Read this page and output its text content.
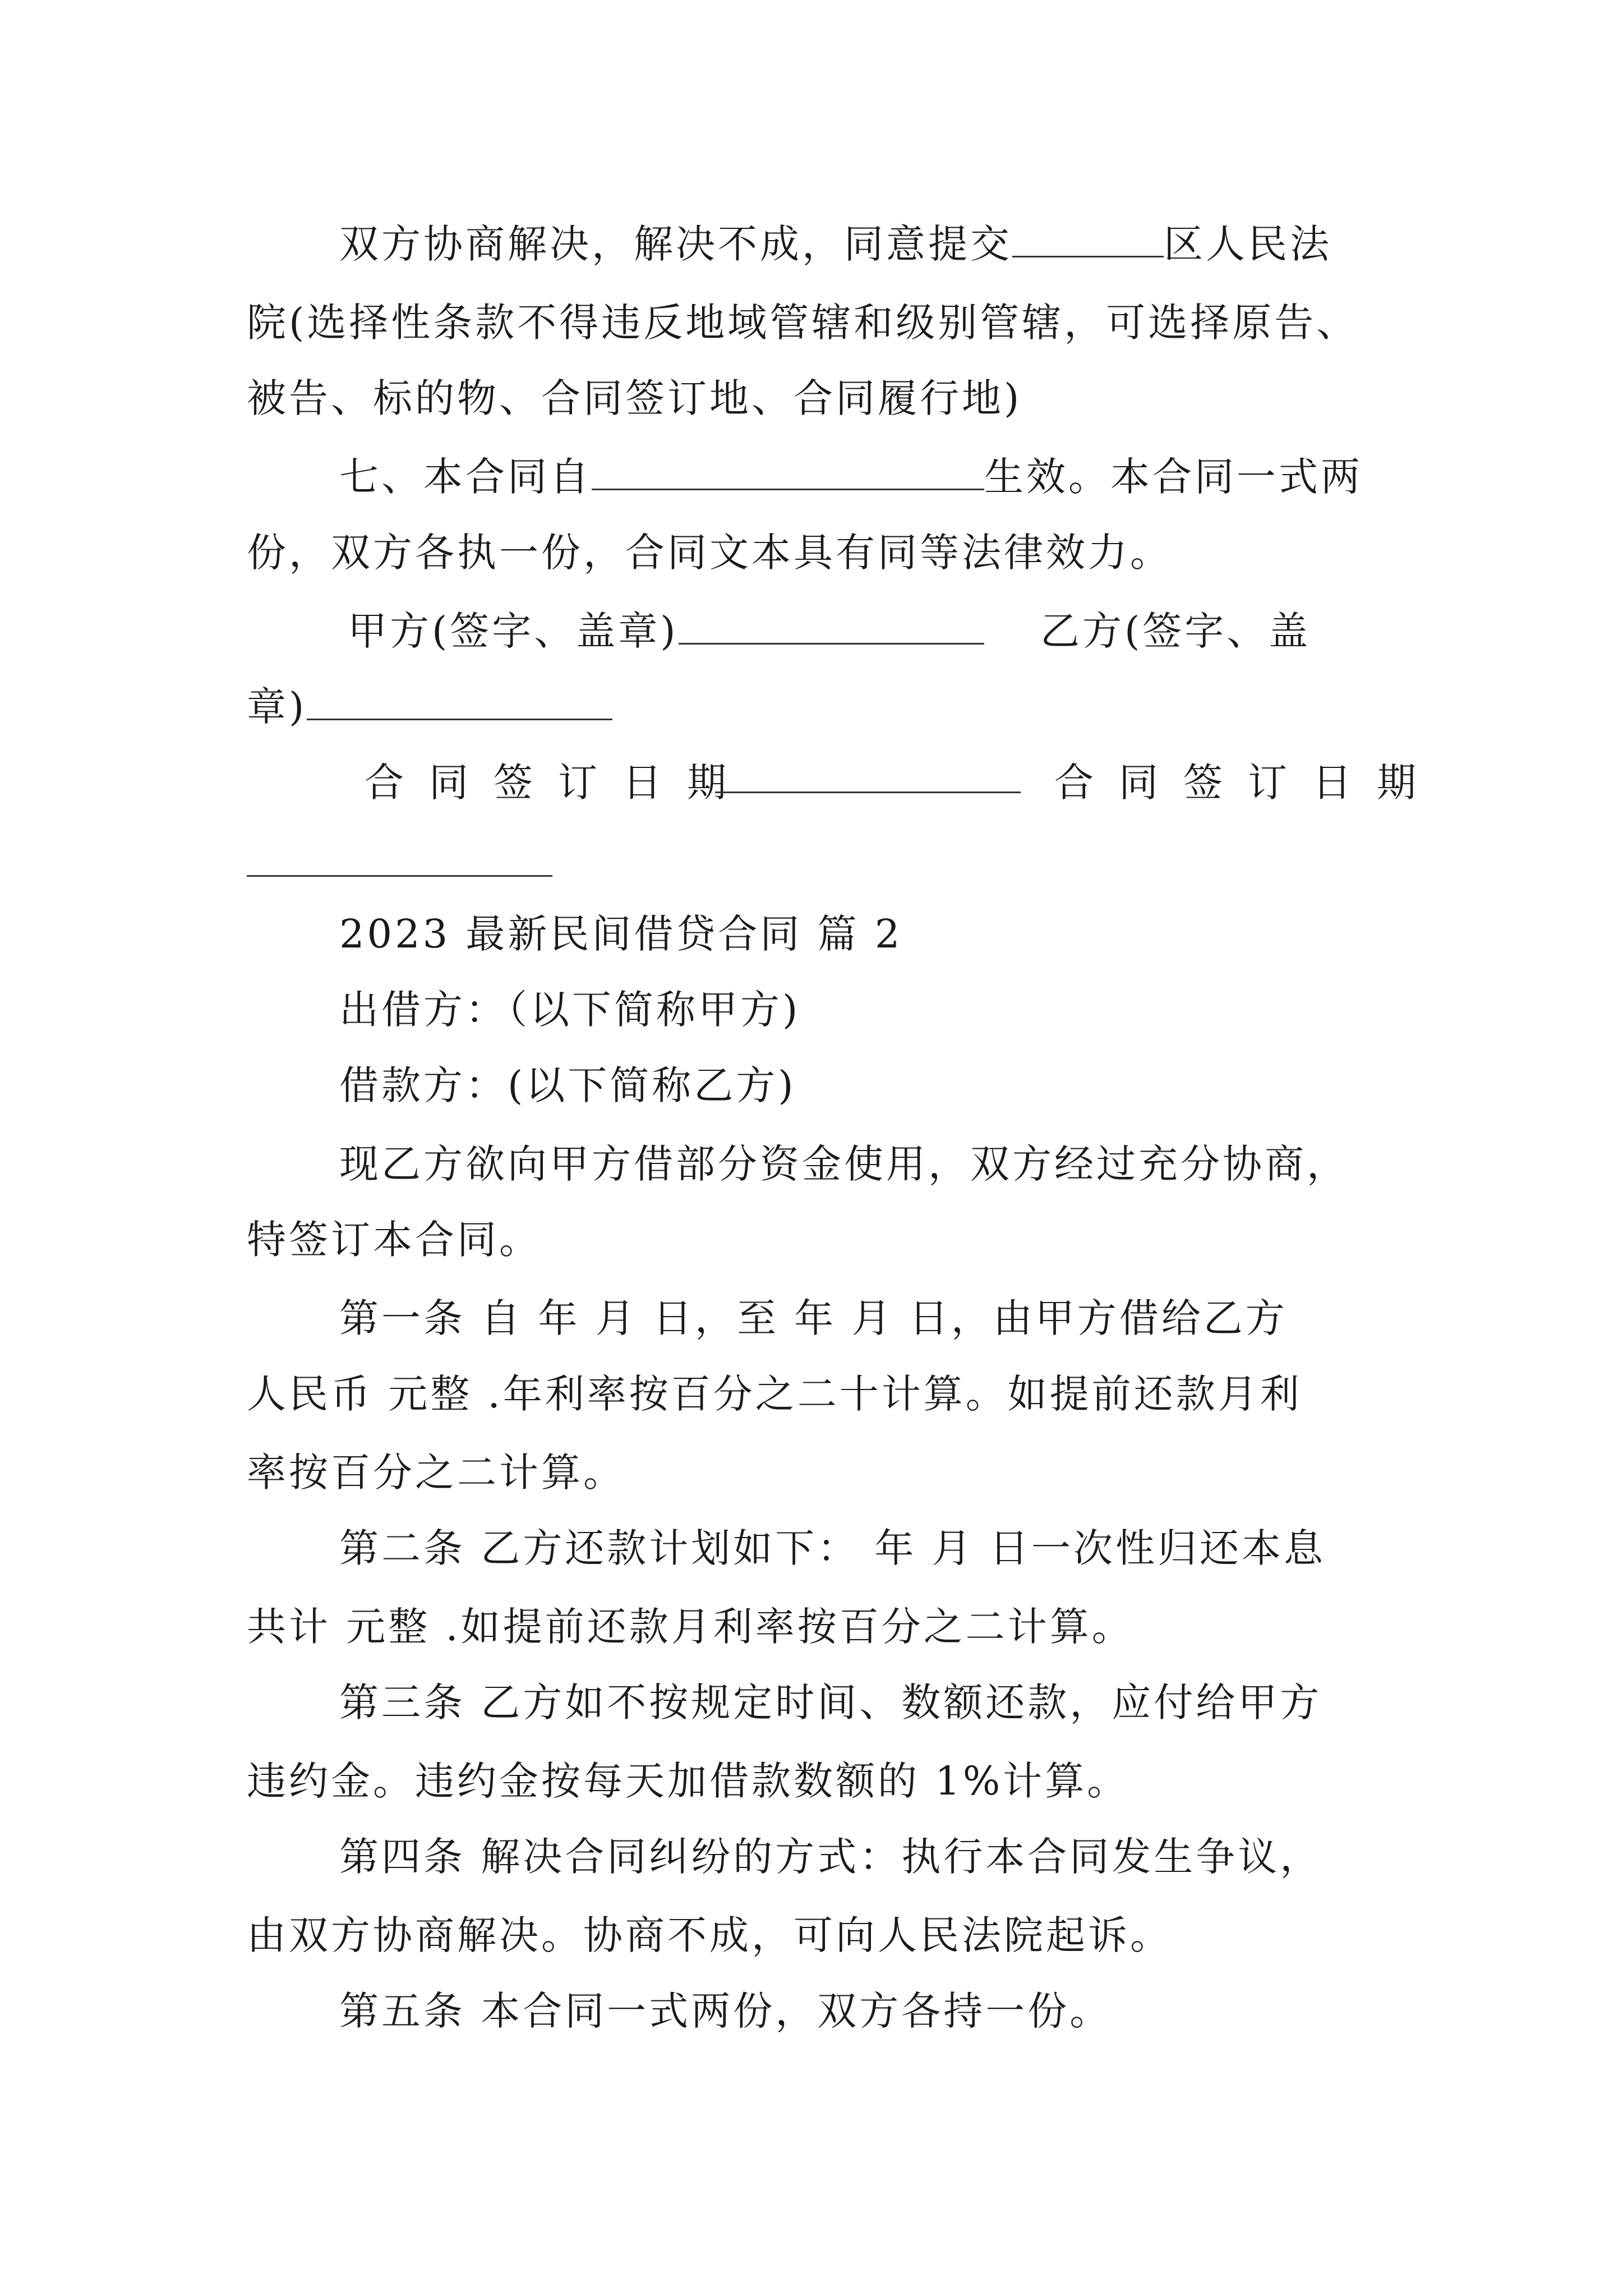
双方协商解决，解决不成，同意提交	区人民法
院(选择性条款不得违反地域管辖和级别管辖，可选择原告、
被告、标的物、合同签订地、合同履行地)
七、本合同自	生效。本合同一式两
份，双方各执一份，合同文本具有同等法律效力。
甲方(签字、盖章)	乙方(签字、盖
章)
合同签订日期	合同签订日期
2023 最新民间借贷合同 篇 2
出借方：（以下简称甲方)
借款方：(以下简称乙方)
现乙方欲向甲方借部分资金使用，双方经过充分协商，
特签订本合同。
第一条 自 年 月 日，至 年 月 日，由甲方借给乙方
人民币 元整 .年利率按百分之二十计算。如提前还款月利
率按百分之二计算。
第二条 乙方还款计划如下： 年 月 日一次性归还本息
共计 元整 .如提前还款月利率按百分之二计算。
第三条 乙方如不按规定时间、数额还款，应付给甲方
违约金。违约金按每天加借款数额的 1%计算。
第四条 解决合同纠纷的方式：执行本合同发生争议，
由双方协商解决。协商不成，可向人民法院起诉。
第五条 本合同一式两份，双方各持一份。
